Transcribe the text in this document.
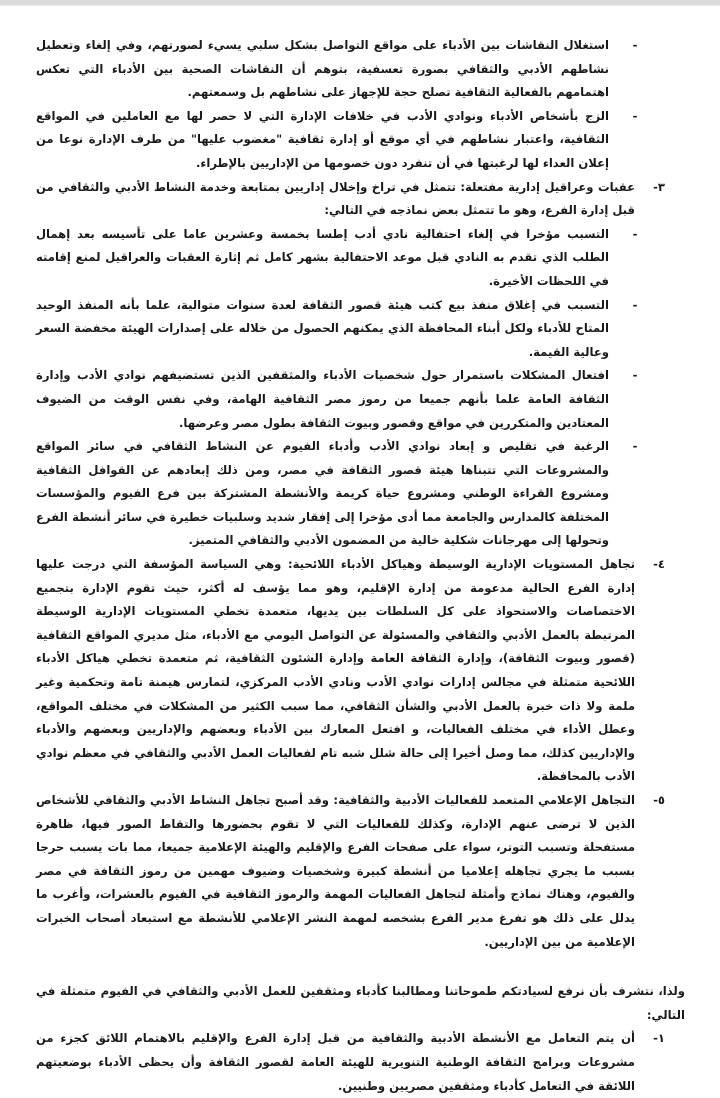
-

استغلال النقاشات بين الأدباء على مواقع التواصل بشكل سلبي يسيء لصورتهم، وفي إلغاء وتعطيل نشاطهم الأدبي والثقافي بصورة تعسفية، بتوهم أن النقاشات الصحية بين الأدباء التي تعكس اهتمامهم بالفعالية الثقافية تصلح حجة للإجهاز على نشاطهم بل وسمعتهم.

-

الزج بأشخاص الأدباء ونوادي الأدب في خلافات الإدارة التي لا حصر لها مع العاملين في المواقع الثقافية، واعتبار نشاطهم في أي موقع أو إدارة ثقافية "مغضوب عليها" من طرف الإدارة نوعا من إعلان العداء لها لرغبتها في أن تنفرد دون خصومها من الإداريين بالإطراء.

٣-

عقبات وعراقيل إدارية مفتعلة: تتمثل في تراخ وإخلال إداريين بمتابعة وخدمة النشاط الأدبي والثقافي من قبل إدارة الفرع، وهو ما تتمثل بعض نماذجه في التالي:

-

التسبب مؤخرا في إلغاء احتفالية نادي أدب إطسا بخمسة وعشرين عاما على تأسيسه بعد إهمال الطلب الذي تقدم به النادي قبل موعد الاحتفالية بشهر كامل ثم إثارة العقبات والعراقيل لمنع إقامته في اللحظات الأخيرة.

-

التسبب في إغلاق منفذ بيع كتب هيئة قصور الثقافة لعدة سنوات متوالية، علما بأنه المنفذ الوحيد المتاح للأدباء ولكل أبناء المحافظة الذي يمكنهم الحصول من خلاله على إصدارات الهيئة مخفضة السعر وعالية القيمة.

-

افتعال المشكلات باستمرار حول شخصيات الأدباء والمثقفين الذين تستضيفهم نوادي الأدب وإدارة الثقافة العامة علما بأنهم جميعا من رموز مصر الثقافية الهامة، وفي نفس الوقت من الضيوف المعتادين والمتكررين في مواقع وقصور وبيوت الثقافة بطول مصر وعرضها.

-

الرغبة في تقليص و إبعاد نوادي الأدب وأدباء الفيوم عن النشاط الثقافي في سائر المواقع والمشروعات التي تتبناها هيئة قصور الثقافة في مصر، ومن ذلك إبعادهم عن القوافل الثقافية ومشروع القراءة الوطني ومشروع حياة كريمة والأنشطة المشتركة بين فرع الفيوم والمؤسسات المختلفة كالمدارس والجامعة مما أدى مؤخرا إلى إفقار شديد وسلبيات خطيرة في سائر أنشطة الفرع وتحولها إلى مهرجانات شكلية خالية من المضمون الأدبي والثقافي المتميز.

٤-

تجاهل المستويات الإدارية الوسيطة وهياكل الأدباء اللائحية: وهي السياسة المؤسفة التي درجت عليها إدارة الفرع الحالية مدعومة من إدارة الإقليم، وهو مما يؤسف له أكثر، حيث تقوم الإدارة بتجميع الاختصاصات والاستحواذ على كل السلطات بين يديها، متعمدة تخطي المستويات الإدارية الوسيطة المرتبطة بالعمل الأدبي والثقافي والمسئولة عن التواصل اليومي مع الأدباء، مثل مديري المواقع الثقافية (قصور وبيوت الثقافة)، وإدارة الثقافة العامة وإدارة الشئون الثقافية، ثم متعمدة تخطي هياكل الأدباء اللائحية متمثلة في مجالس إدارات نوادي الأدب ونادي الأدب المركزي، لتمارس هيمنة تامة وتحكمية وغير ملمة ولا ذات خبرة بالعمل الأدبي والشأن الثقافي، مما سبب الكثير من المشكلات في مختلف المواقع، وعطل الأداء في مختلف الفعاليات، و افتعل المعارك بين الأدباء وبعضهم والإداريين وبعضهم والأدباء والإداريين كذلك، مما وصل أخيرا إلى حالة شلل شبه تام لفعاليات العمل الأدبي والثقافي في معظم نوادي الأدب بالمحافظة.

٥-

التجاهل الإعلامي المتعمد للفعاليات الأدبية والثقافية: وقد أصبح تجاهل النشاط الأدبي والثقافي للأشخاص الذين لا ترضى عنهم الإدارة، وكذلك للفعاليات التي لا تقوم بحضورها والتقاط الصور فيها، ظاهرة مستفحلة وتسبب التوتر، سواء على صفحات الفرع والإقليم والهيئة الإعلامية جميعا، مما بات يسبب حرجا بسبب ما يجري تجاهله إعلاميا من أنشطة كبيرة وشخصيات وضيوف مهمين من رموز الثقافة في مصر والفيوم، وهناك نماذج وأمثلة لتجاهل الفعاليات المهمة والرموز الثقافية في الفيوم بالعشرات، وأغرب ما يدلل على ذلك هو تفرغ مدير الفرع بشخصه لمهمة النشر الإعلامي للأنشطة مع استبعاد أصحاب الخبرات الإعلامية من بين الإداريين.

ولذا، نتشرف بأن نرفع لسيادتكم طموحاتنا ومطالبنا كأدباء ومثقفين للعمل الأدبي والثقافي في الفيوم متمثلة في التالي:

١-

أن يتم التعامل مع الأنشطة الأدبية والثقافية من قبل إدارة الفرع والإقليم بالاهتمام اللائق كجزء من مشروعات وبرامج الثقافة الوطنية التنويرية للهيئة العامة لقصور الثقافة وأن يحظى الأدباء بوضعيتهم اللائقة في التعامل كأدباء ومثقفين مصريين وطنيين.
